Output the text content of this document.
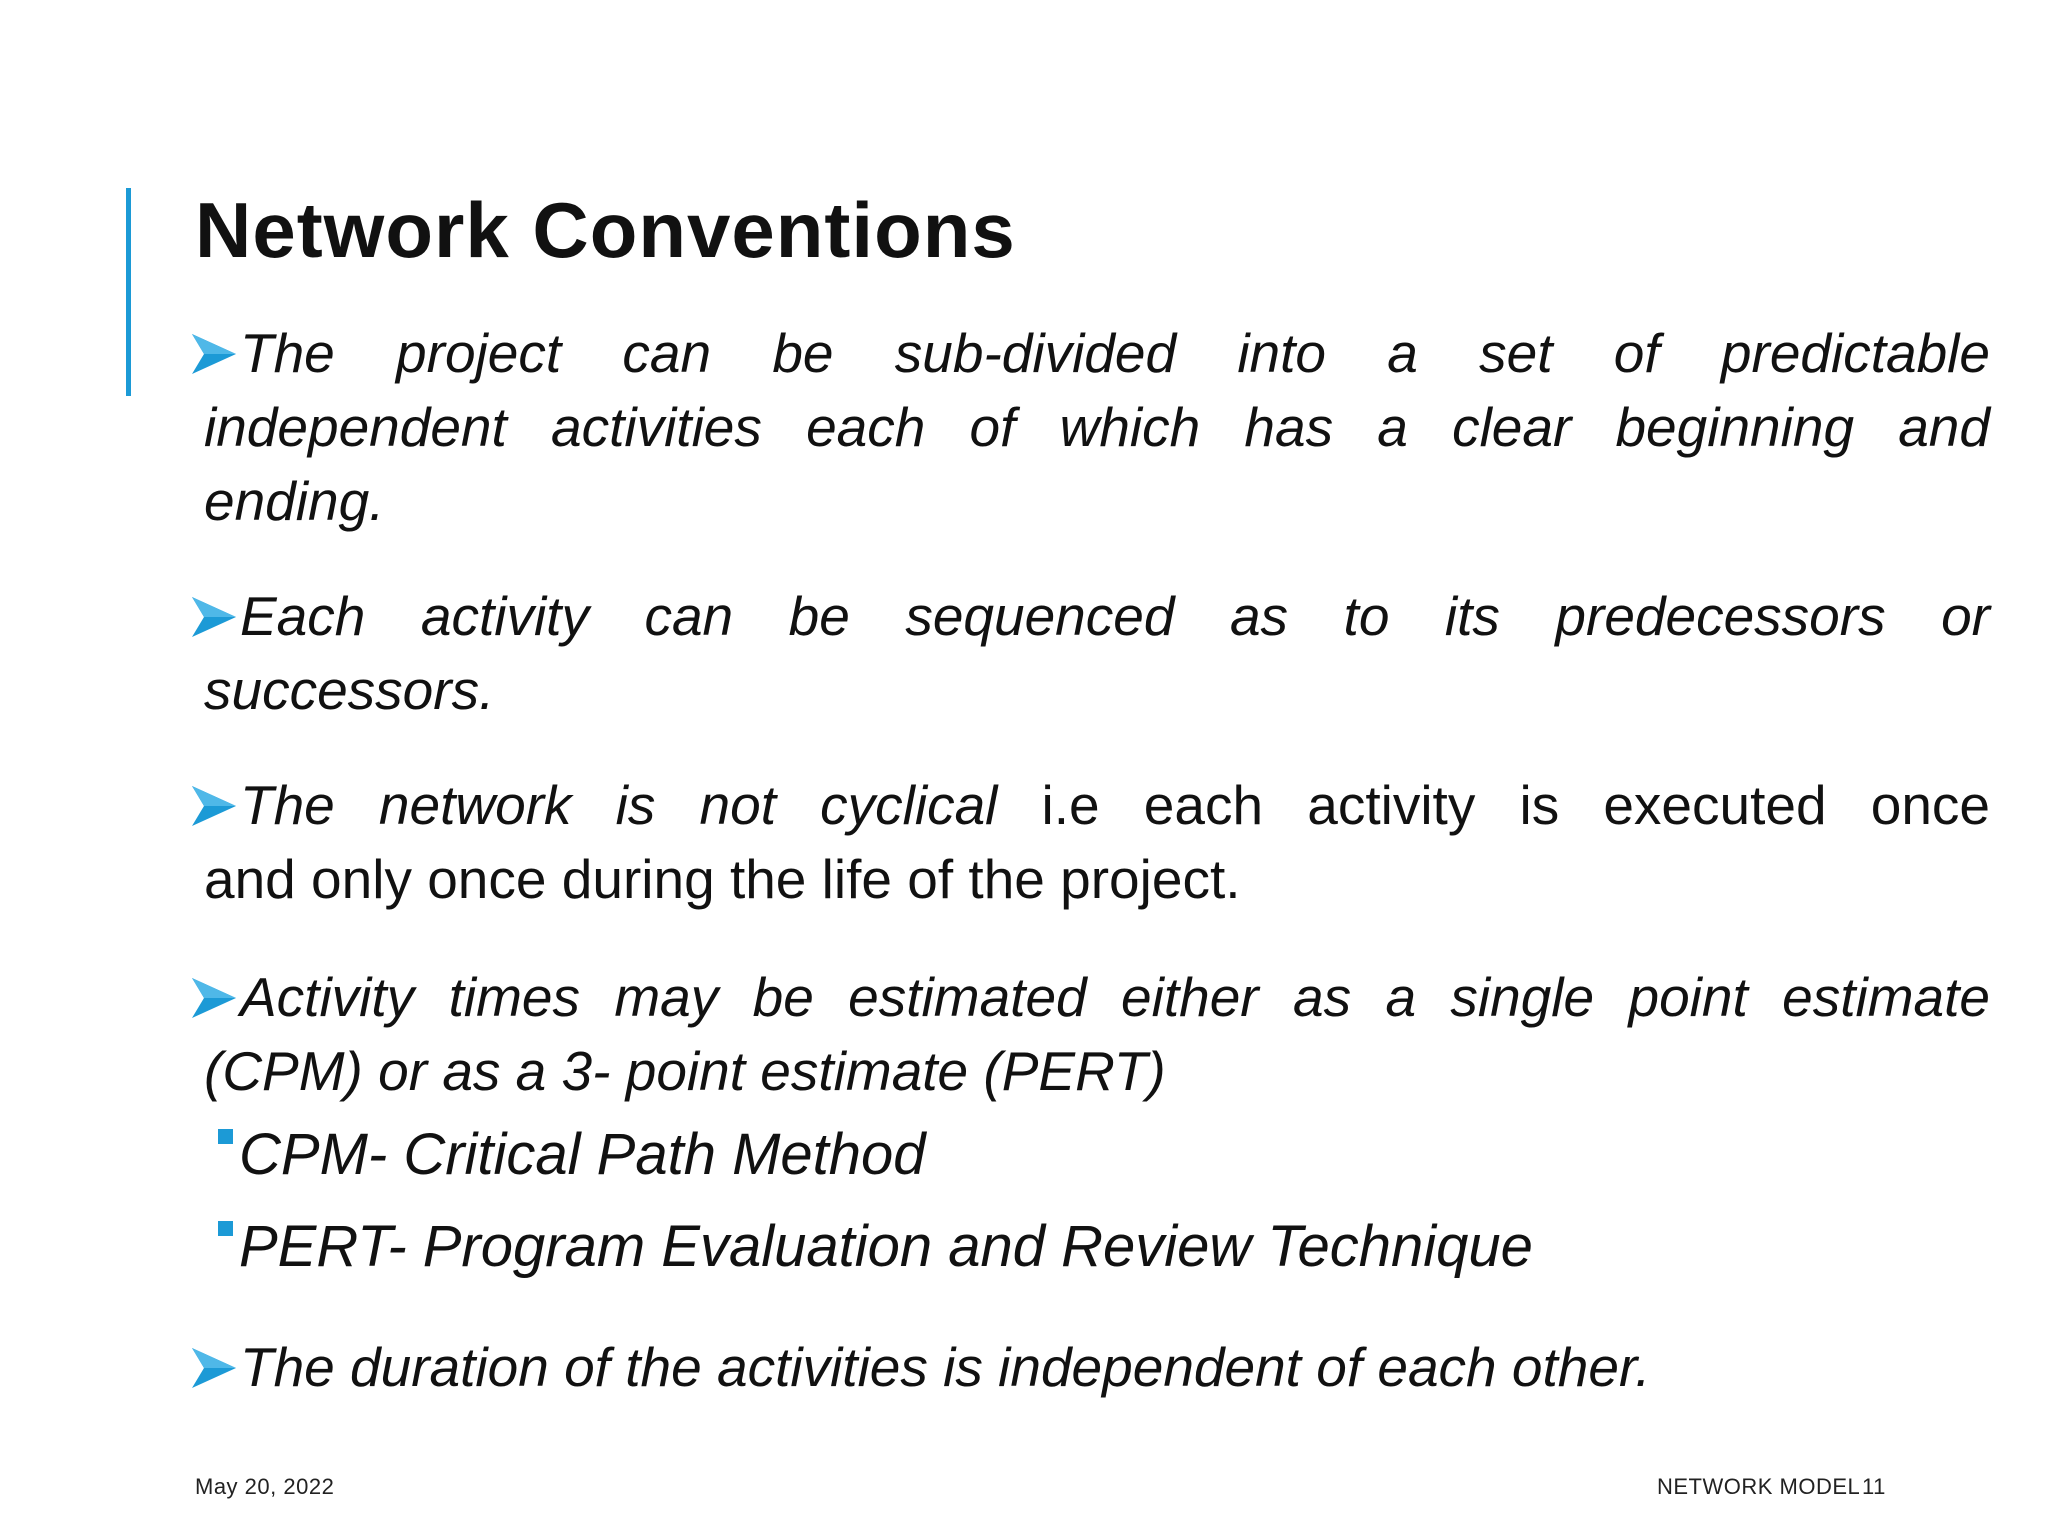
Network Conventions
The project can be sub-divided into a set of predictable
independent activities each of which has a clear beginning and
ending.
Each activity can be sequenced as to its predecessors or
successors.
The network is not cyclical i.e each activity is executed once
and only once during the life of the project.
Activity times may be estimated either as a single point estimate
(CPM) or as a 3- point estimate (PERT)
CPM- Critical Path Method
PERT- Program Evaluation and Review Technique
The duration of the activities is independent of each other.
May 20, 2022	NETWORK MODEL 11
